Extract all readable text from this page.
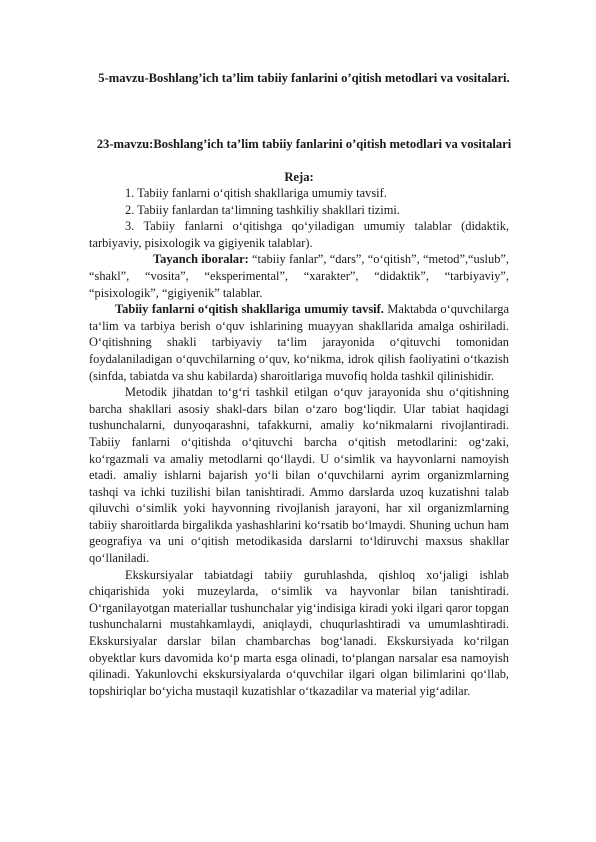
5-mavzu-Boshlang’ich ta’lim tabiiy fanlarini o’qitish metodlari va vositalari.
23-mavzu:Boshlang’ich ta’lim tabiiy fanlarini o’qitish metodlari va vositalari
Reja:

1. Tabiiy fanlarni o‘qitish shakllariga umumiy tavsif.

2. Tabiiy fanlardan ta‘limning tashkiliy shakllari tizimi.

3. Tabiiy fanlarni o‘qitishga qo‘yiladigan umumiy talablar (didaktik, tarbiyaviy, pisixologik va gigiyenik talablar).

Tayanch iboralar: “tabiiy fanlar”, “dars”, “o‘qitish”, “metod”,“uslub”, “shakl”, “vosita”, “eksperimental”, “xarakter”, “didaktik”, “tarbiyaviy”, “pisixologik”, “gigiyenik” talablar.

Tabiiy fanlarni o‘qitish shakllariga umumiy tavsif. Maktabda o‘quvchilarga ta‘lim va tarbiya berish o‘quv ishlarining muayyan shakllarida amalga oshiriladi. O‘qitishning shakli tarbiyaviy ta‘lim jarayonida o‘qituvchi tomonidan foydalaniladigan o‘quvchilarning o‘quv, ko‘nikma, idrok qilish faoliyatini o‘tkazish (sinfda, tabiatda va shu kabilarda) sharoitlariga muvofiq holda tashkil qilinishidir.

Metodik jihatdan to‘g‘ri tashkil etilgan o‘quv jarayonida shu o‘qitishning barcha shakllari asosiy shakl-dars bilan o‘zaro bog‘liqdir. Ular tabiat haqidagi tushunchalarni, dunyoqarashni, tafakkurni, amaliy ko‘nikmalarni rivojlantiradi. Tabiiy fanlarni o‘qitishda o‘qituvchi barcha o‘qitish metodlarini: og‘zaki, ko‘rgazmali va amaliy metodlarni qo‘llaydi. U o‘simlik va hayvonlarni namoyish etadi. amaliy ishlarni bajarish yo‘li bilan o‘quvchilarni ayrim organizmlarning tashqi va ichki tuzilishi bilan tanishtiradi. Ammo darslarda uzoq kuzatishni talab qiluvchi o‘simlik yoki hayvonning rivojlanish jarayoni, har xil organizmlarning tabiiy sharoitlarda birgalikda yashashlarini ko‘rsatib bo‘lmaydi. Shuning uchun ham geografiya va uni o‘qitish metodikasida darslarni to‘ldiruvchi maxsus shakllar qo‘llaniladi.

Ekskursiyalar tabiatdagi tabiiy guruhlashda, qishloq xo‘jaligi ishlab chiqarishida yoki muzeylarda, o‘simlik va hayvonlar bilan tanishtiradi. O‘rganilayotgan materiallar tushunchalar yig‘indisiga kiradi yoki ilgari qaror topgan tushunchalarni mustahkamlaydi, aniqlaydi, chuqurlashtiradi va umumlashtiradi. Ekskursiyalar darslar bilan chambarchas bog‘lanadi. Ekskursiyada ko‘rilgan obyektlar kurs davomida ko‘p marta esga olinadi, to‘plangan narsalar esa namoyish qilinadi. Yakunlovchi ekskursiyalarda o‘quvchilar ilgari olgan bilimlarini qo‘llab, topshiriqlar bo‘yicha mustaqil kuzatishlar o‘tkazadilar va material yig‘adilar.
